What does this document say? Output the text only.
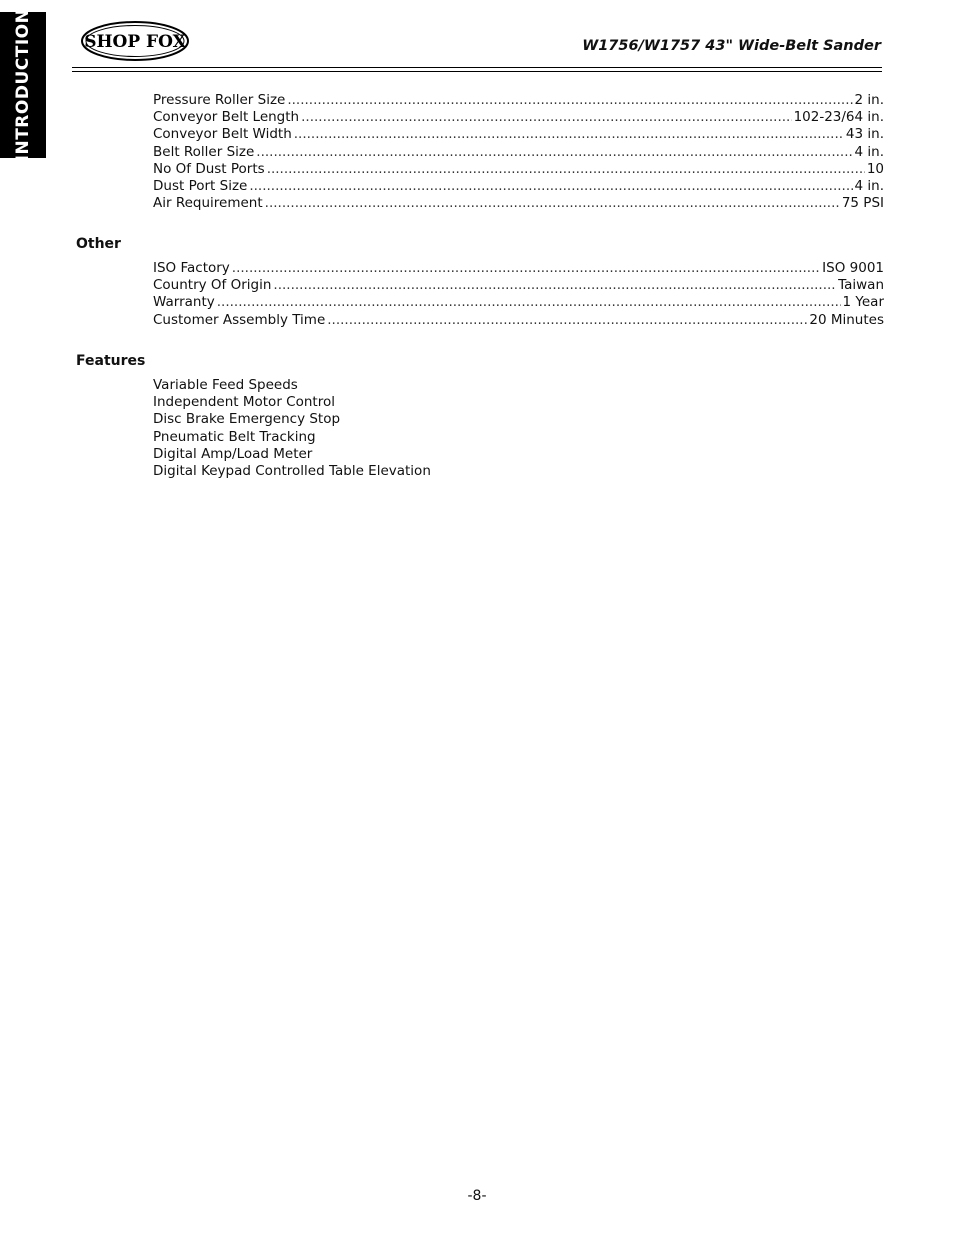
INTRODUCTION	SHOP FOX	W1756/W1757 43" Wide-Belt Sander
Pressure Roller Size .....	2 in.
Conveyor Belt Length .....	102-23/64 in.
Conveyor Belt Width .....	43 in.
Belt Roller Size .....	4 in.
No Of Dust Ports .....	10
Dust Port Size .....	4 in.
Air Requirement .....	75 PSI
Other
ISO Factory .....	ISO 9001
Country Of Origin .....	Taiwan
Warranty .....	1 Year
Customer Assembly Time .....	20 Minutes
Features
Variable Feed Speeds
Independent Motor Control
Disc Brake Emergency Stop
Pneumatic Belt Tracking
Digital Amp/Load Meter
Digital Keypad Controlled Table Elevation
-8-
